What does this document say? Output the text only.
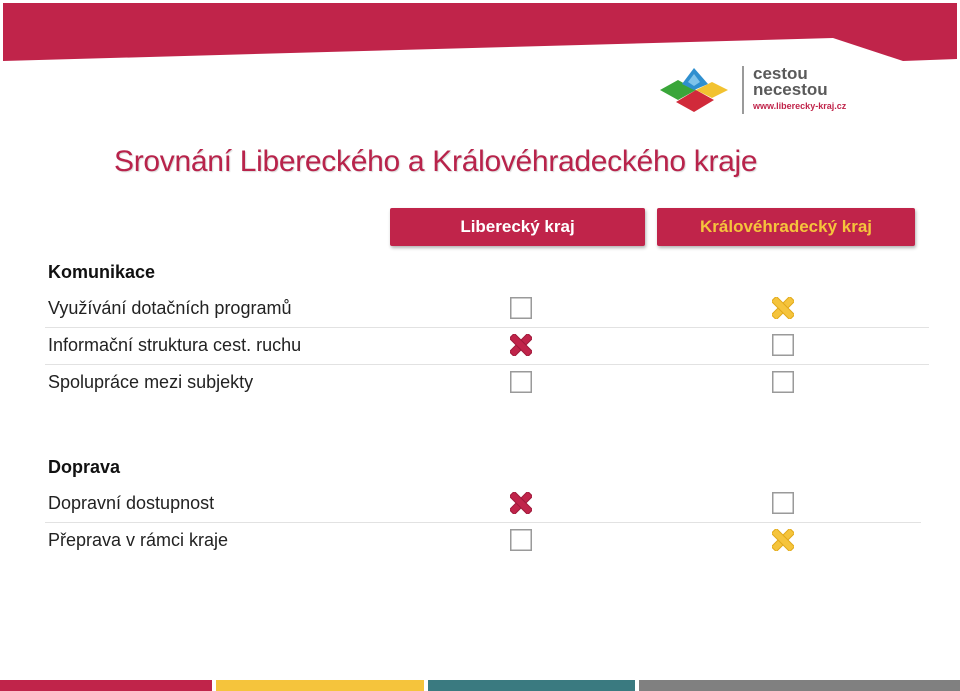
cestou
necestou
www.liberecky-kraj.cz
Srovnání Libereckého a Královéhradeckého kraje
Liberecký kraj	Královéhradecký kraj
Komunikace
Využívání dotačních programů
Informační struktura cest. ruchu
Spolupráce mezi subjekty
Doprava
Dopravní dostupnost
Přeprava v rámci kraje
